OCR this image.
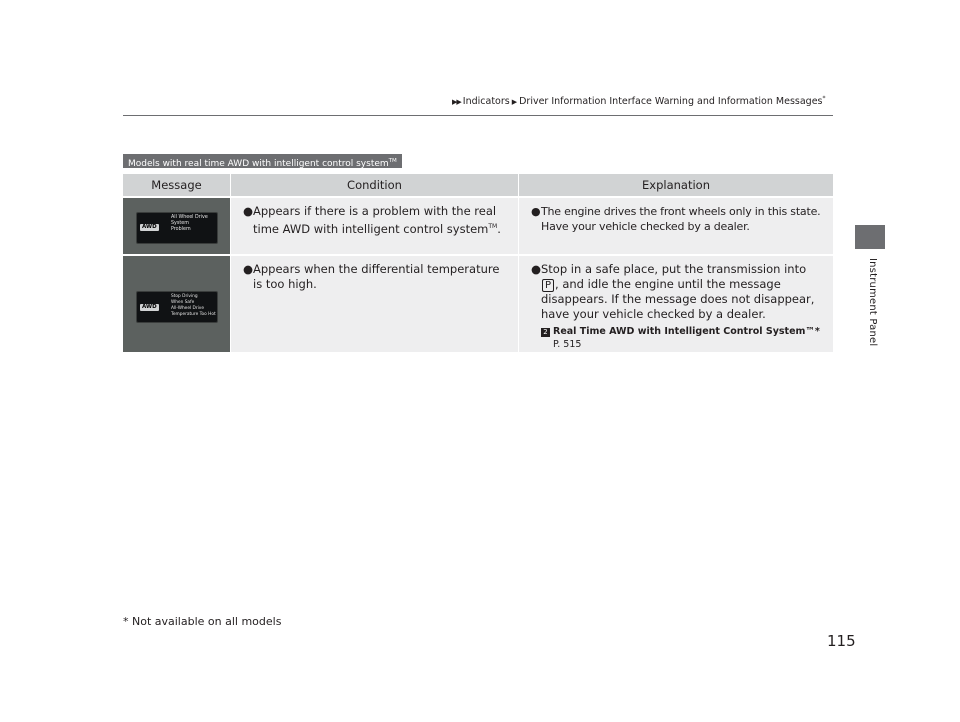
▶▶ Indicators ▶ Driver Information Interface Warning and Information Messages*
Instrument Panel
Models with real time AWD with intelligent control system™
Message	Condition	Explanation
AWD
All Wheel Drive
System
Problem
● Appears if there is a problem with the real time AWD with intelligent control system™.
● The engine drives the front wheels only in this state. Have your vehicle checked by a dealer.
AWD
Stop Driving
When Safe
All-Wheel Drive
Temperature Too Hot
● Appears when the differential temperature is too high.
● Stop in a safe place, put the transmission into P , and idle the engine until the message disappears. If the message does not disappear, have your vehicle checked by a dealer.
2 Real Time AWD with Intelligent Control System™*
P. 515
* Not available on all models
115
